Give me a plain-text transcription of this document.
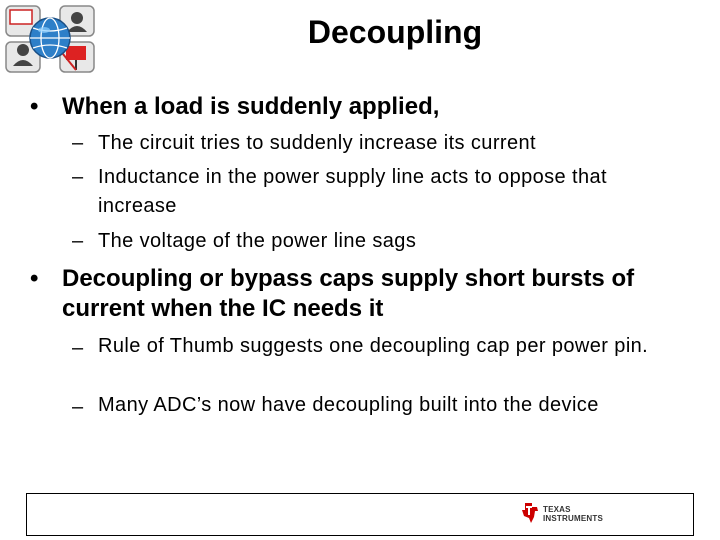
Decoupling
• When a load is suddenly applied,
– The circuit tries to suddenly increase its current
– Inductance in the power supply line acts to oppose that increase
– The voltage of the power line sags
• Decoupling or bypass caps supply short bursts of current when the IC needs it
– Rule of Thumb suggests one decoupling cap per power pin.
– Many ADC’s now have decoupling built into the device
TEXAS
INSTRUMENTS
